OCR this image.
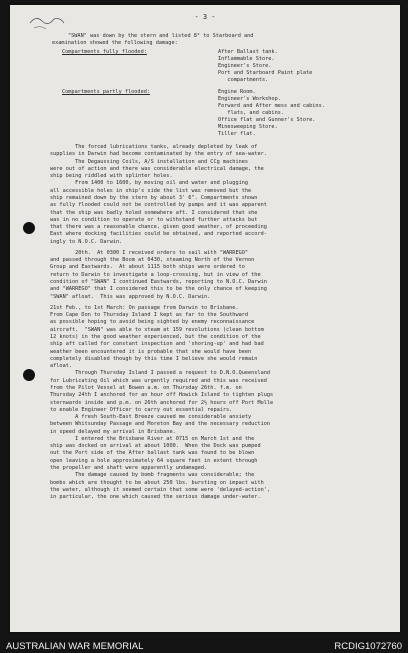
- 3 -
"SWAN" was down by the stern and listed 8° to Starboard and
examination showed the following damage:
Compartments fully flooded:	After Ballast tank.
Inflammable Store.
Engineer's Store.
Port and Starboard Paint plate
compartments.
Compartments partly flooded:	Engine Room.
Engineer's Workshop.
Forward and After mess and cabins.
flats, and cabins.
Office flat and Gunner's Store.
Minesweeping Store.
Tiller flat.
The forced lubrications tanks, already depleted by leak of
supplies in Darwin had become contaminated by the entry of sea-water.
The Degaussing Coils, A/S installation and CCg machines
were out of action and there was considerable electrical damage, the
ship being riddled with splinter holes.
From 1400 to 1600, by moving oil and water and plugging
all accessible holes in ship's side the list was removed but the
ship remained down by the stern by about 3' 6". Compartments shown
as fully flooded could not be controlled by pumps and it was apparent
that the ship was badly holed somewhere aft. I considered that she
was in no condition to operate or to withstand further attacks but
that there was a reasonable chance, given good weather, of proceeding
East where docking facilities could be obtained, and reported accord-
ingly to N.O.C. Darwin.
20th.  At 0300 I received orders to sail with "WARREGO"
and passed through the Boom at 0430, steaming North of the Vernon
Group and Eastwards.  At about 1115 both ships were ordered to
return to Darwin to investigate a loop-crossing, but in view of the
condition of "SWAN" I continued Eastwards, reporting to N.O.C. Darwin
and "WARREGO" that I considered this to be the only chance of keeping
"SWAN" afloat.  This was approved by N.O.C. Darwin.
21st Feb., to 1st March: On passage from Darwin to Brisbane.
From Cape Don to Thursday Island I kept as far to the Southward
as possible hoping to avoid being sighted by enemy reconnaissance
aircraft.  "SWAN" was able to steam at 159 revolutions (clean bottom
12 knots) in the good weather experienced, but the condition of the
ship aft called for constant inspection and 'shoring-up' and had bad
weather been encountered it is probable that she would have been
completely disabled though by this time I believe she would remain
afloat.
Through Thursday Island I passed a request to D.N.O.Queensland
for Lubricating Oil which was urgently required and this was received
from the Pilot Vessel at Bowen a.m. on Thursday 26th. f.m. on
Thursday 24th I anchored for an hour off Howick Island to tighten plugs
sternwards inside and p.m. on 26th anchored for 2½ hours off Port Molle
to enable Engineer Officer to carry out essential repairs.
A fresh South-East Breeze caused me considerable anxiety
between Whitsunday Passage and Moreton Bay and the necessary reduction
in speed delayed my arrival in Brisbane.
I entered the Brisbane River at 0715 on March 1st and the
ship was docked on arrival at about 1000.  When the Dock was pumped
out the Port side of the After ballast tank was found to be blown
open leaving a hole approximately 64 square feet in extent through
the propeller and shaft were apparently undamaged.
The damage caused by bomb fragments was considerable; the
bombs which are thought to be about 250 lbs. bursting on impact with
the water, although it seemed certain that some were 'delayed-action',
in particular, the one which caused the serious damage under-water.
AUSTRALIAN WAR MEMORIAL	RCDIG1072760
